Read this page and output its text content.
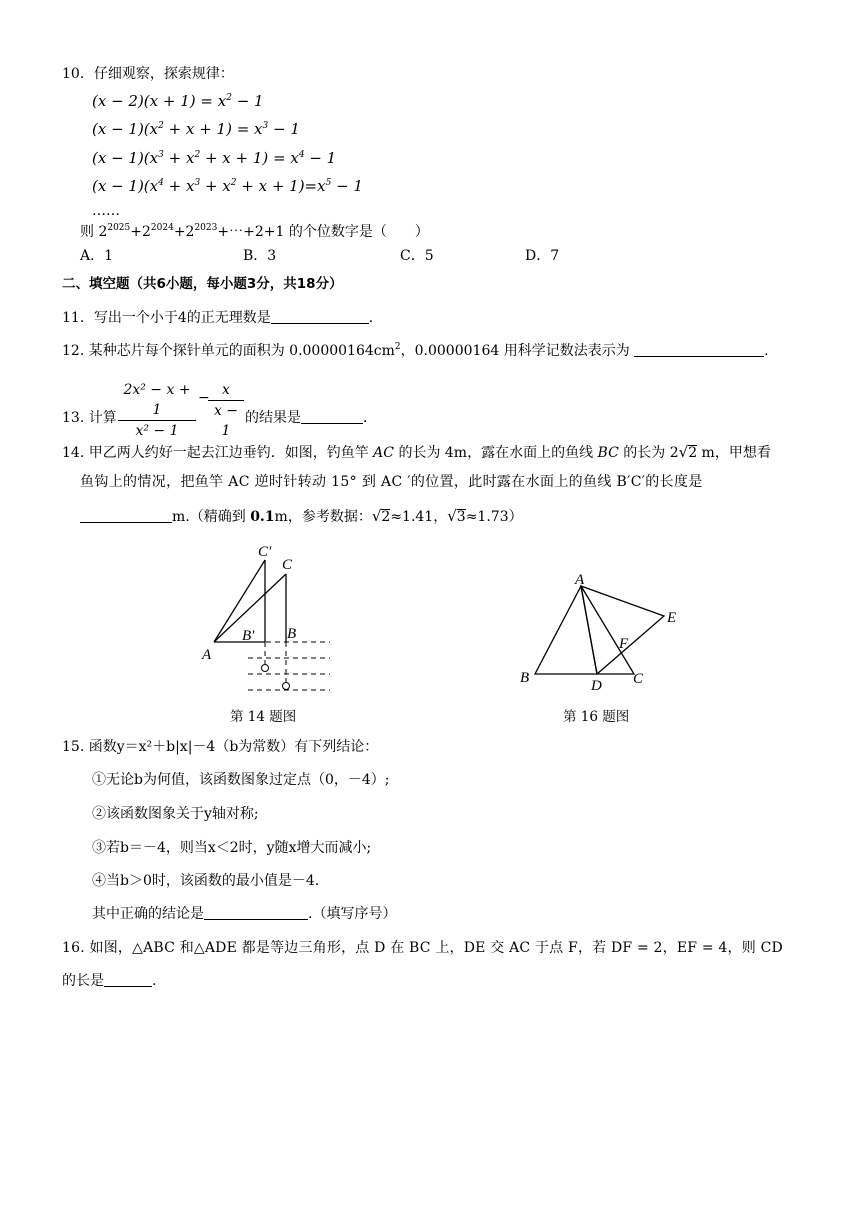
10．仔细观察，探索规律：
$(x - 2)(x + 1) = x^2 - 1$
$(x - 1)(x^2 + x + 1) = x^3 - 1$
$(x - 1)(x^3 + x^2 + x + 1) = x^4 - 1$
$(x - 1)(x^4 + x^3 + x^2 + x + 1)=x^5 - 1$
……
则 $2^{2025}+2^{2024}+2^{2023}+\cdots+2+1$ 的个位数字是（　　）
A．1	B．3	C．5	D．7
二、填空题（共6小题，每小题3分，共18分）
11．写出一个小于4的正无理数是	．
12. 某种芯片每个探针单元的面积为 $0.00000164cm^2$，0.00000164 用科学记数法表示为	.
13. 计算 $\frac{\text{2x² − x + 1}}{\text{x² − 1}}$ −
$\frac{x}{x - 1}$ 的结果是	．
14. 甲乙两人约好一起去江边垂钓．如图，钓鱼竿 AC 的长为 4m，露在水面上的鱼线 BC 的长为 2√2 m，甲想看
鱼钩上的情况，把鱼竿 AC 逆时针转动 15° 到 AC ′的位置，此时露在水面上的鱼线 B′C′的长度是
m.（精确到 0.1m，参考数据：√2≈1.41，√3≈1.73）
C′
C
A
B′ B
第 14 题图
A
E
F
B	D C
第 16 题图
15. 函数y＝x²＋b|x|－4（b为常数）有下列结论：
①无论b为何值，该函数图象过定点（0，－4）;
②该函数图象关于y轴对称;
③若b＝－4，则当x＜2时，y随x增大而减小;
④当b＞0时，该函数的最小值是－4.
其中正确的结论是	.（填写序号）
16. 如图，△ABC 和△ADE 都是等边三角形，点 D 在 BC 上，DE 交 AC 于点 F，若 DF = 2，EF = 4，则 CD
的长是	.
